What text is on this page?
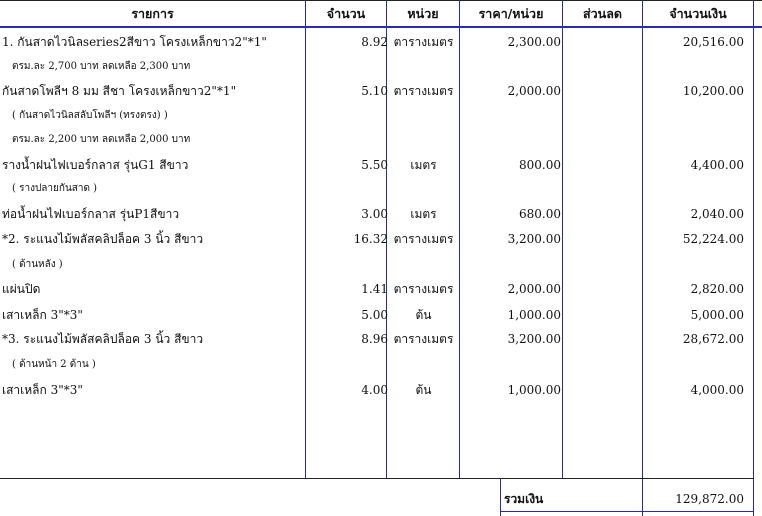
รายการ	จำนวน	หน่วย	ราคา/หน่วย	ส่วนลด	จำนวนเงิน
1. กันสาดไวนิลseries2สีขาว โครงเหล็กขาว2"*1"	8.92 ตารางเมตร	2,300.00	20,516.00
ตรม.ละ 2,700 บาท ลดเหลือ 2,300 บาท
กันสาดโพลีฯ 8 มม สีชา โครงเหล็กขาว2"*1"	5.10 ตารางเมตร	2,000.00	10,200.00
( กันสาดไวนิลสลับโพลีฯ (ทรงตรง) )
ตรม.ละ 2,200 บาท ลดเหลือ 2,000 บาท
รางน้ำฝนไฟเบอร์กลาส รุ่นG1 สีขาว	5.50	เมตร	800.00	4,400.00
( รางปลายกันสาด )
ท่อน้ำฝนไฟเบอร์กลาส รุ่นP1สีขาว	3.00	เมตร	680.00	2,040.00
*2. ระแนงไม้พลัสคลิปล็อค 3 นิ้ว สีขาว	16.32 ตารางเมตร	3,200.00	52,224.00
( ด้านหลัง )
แผ่นปิด	1.41 ตารางเมตร	2,000.00	2,820.00
เสาเหล็ก 3"*3"	5.00	ต้น	1,000.00	5,000.00
*3. ระแนงไม้พลัสคลิปล็อค 3 นิ้ว สีขาว	8.96 ตารางเมตร	3,200.00	28,672.00
( ด้านหน้า 2 ด้าน )
เสาเหล็ก 3"*3"	4.00	ต้น	1,000.00	4,000.00
รวมเงิน	129,872.00
